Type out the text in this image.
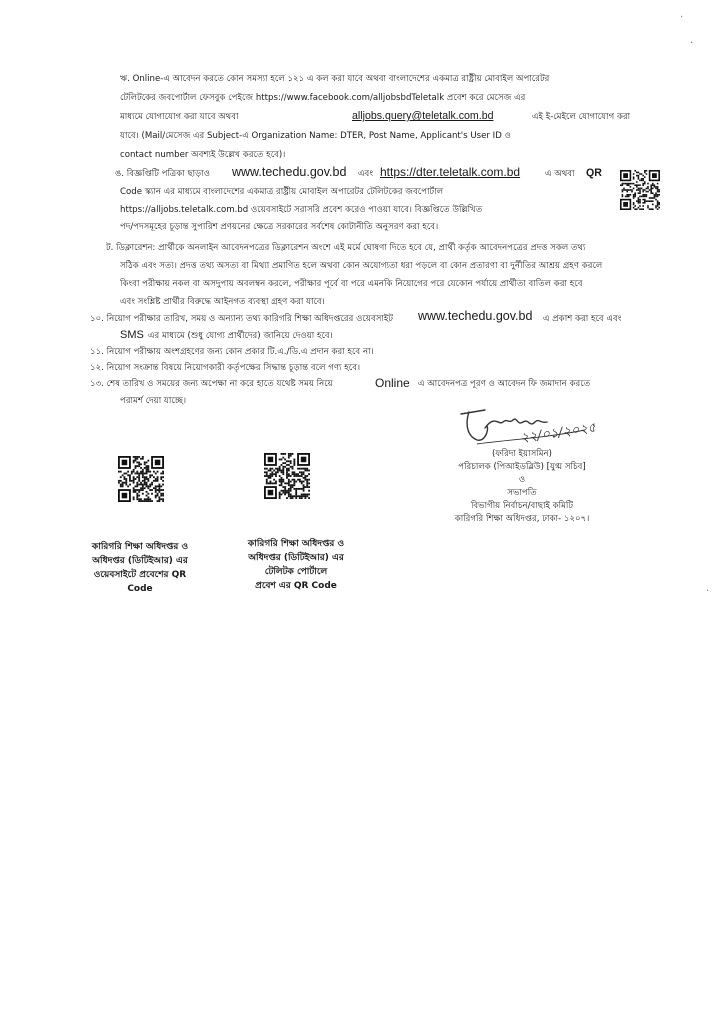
ঋ. Online-এ আবেদন করতে কোন সমস্যা হলে ১২১ এ কল করা যাবে অথবা বাংলাদেশের একমাত্র রাষ্ট্রীয় মোবাইল অপারেটর
টেলিটকের জবপোর্টাল ফেসবুক পেইজে https://www.facebook.com/alljobsbdTeletalk প্রবেশ করে মেসেজ এর
মাধ্যমে যোগাযোগ করা যাবে অথবা	alljobs.query@teletalk.com.bd	এই ই-মেইলে যোগাযোগ করা
যাবে। (Mail/মেসেজ এর Subject-এ Organization Name: DTER, Post Name, Applicant's User ID ও
contact number অবশ্যই উল্লেখ করতে হবে)।
ঙ. বিজ্ঞপ্তিটি পত্রিকা ছাড়াও www.techedu.gov.bd এবং https://dter.teletalk.com.bd	এ অথবা QR
Code স্ক্যান এর মাধ্যমে বাংলাদেশের একমাত্র রাষ্ট্রীয় মোবাইল অপারেটর টেলিটকের জবপোর্টাল
https://alljobs.teletalk.com.bd ওয়েবসাইটে সরাসরি প্রবেশ করেও পাওয়া যাবে। বিজ্ঞপ্তিতে উল্লিখিত
পদ/পদসমূহের চূড়ান্ত সুপারিশ প্রণয়নের ক্ষেত্রে সরকারের সর্বশেষ কোটানীতি অনুসরণ করা হবে।
ট. ডিক্লারেশন: প্রার্থীকে অনলাইন আবেদনপত্রের ডিক্লারেশন অংশে এই মর্মে ঘোষণা দিতে হবে যে, প্রার্থী কর্তৃক আবেদনপত্রের প্রদত্ত সকল তথ্য
সঠিক এবং সত্য। প্রদত্ত তথ্য অসত্য বা মিথ্যা প্রমাণিত হলে অথবা কোন অযোগ্যতা ধরা পড়লে বা কোন প্রতারণা বা দুর্নীতির আশ্রয় গ্রহণ করলে
কিংবা পরীক্ষায় নকল বা অসদুপায় অবলম্বন করলে, পরীক্ষার পূর্বে বা পরে এমনকি নিয়োগের পরে যেকোন পর্যায়ে প্রার্থীতা বাতিল করা হবে
এবং সংশ্লিষ্ট প্রার্থীর বিরুদ্ধে আইনগত ব্যবস্থা গ্রহণ করা যাবে।
১০. নিয়োগ পরীক্ষার তারিখ, সময় ও অন্যান্য তথ্য কারিগরি শিক্ষা অধিদপ্তরের ওয়েবসাইট www.techedu.gov.bd এ প্রকাশ করা হবে এবং
SMS এর মাধ্যমে (শুধু যোগ্য প্রার্থীদের) জানিয়ে দেওয়া হবে।
১১. নিয়োগ পরীক্ষায় অংশগ্রহণের জন্য কোন প্রকার টি.এ./ডি.এ প্রদান করা হবে না।
১২. নিয়োগ সংক্রান্ত বিষয়ে নিয়োগকারী কর্তৃপক্ষের সিদ্ধান্ত চূড়ান্ত বলে গণ্য হবে।
১৩. শেষ তারিখ ও সময়ের জন্য অপেক্ষা না করে হাতে যথেষ্ট সময় নিয়ে	Online এ আবেদনপত্র পূরণ ও আবেদন ফি জমাদান করতে
পরামর্শ দেয়া যাচ্ছে।
২২/০১/২০২৫
(ফরিদা ইয়াসমিন)
পরিচালক (পিআইডব্লিউ) [যুগ্ম সচিব]
ও
সভাপতি
বিভাগীয় নির্বাচন/বাছাই কমিটি
কারিগরি শিক্ষা অধিদপ্তর, ঢাকা- ১২০৭।
কারিগরি শিক্ষা অধিদপ্তর ও
অধিদপ্তর (ডিটিইআর) এর
ওয়েবসাইটে প্রবেশের QR
Code
কারিগরি শিক্ষা অধিদপ্তর ও
অধিদপ্তর (ডিটিইআর) এর
টেলিটক পোর্টালে
প্রবেশ এর QR Code
·
·
·
